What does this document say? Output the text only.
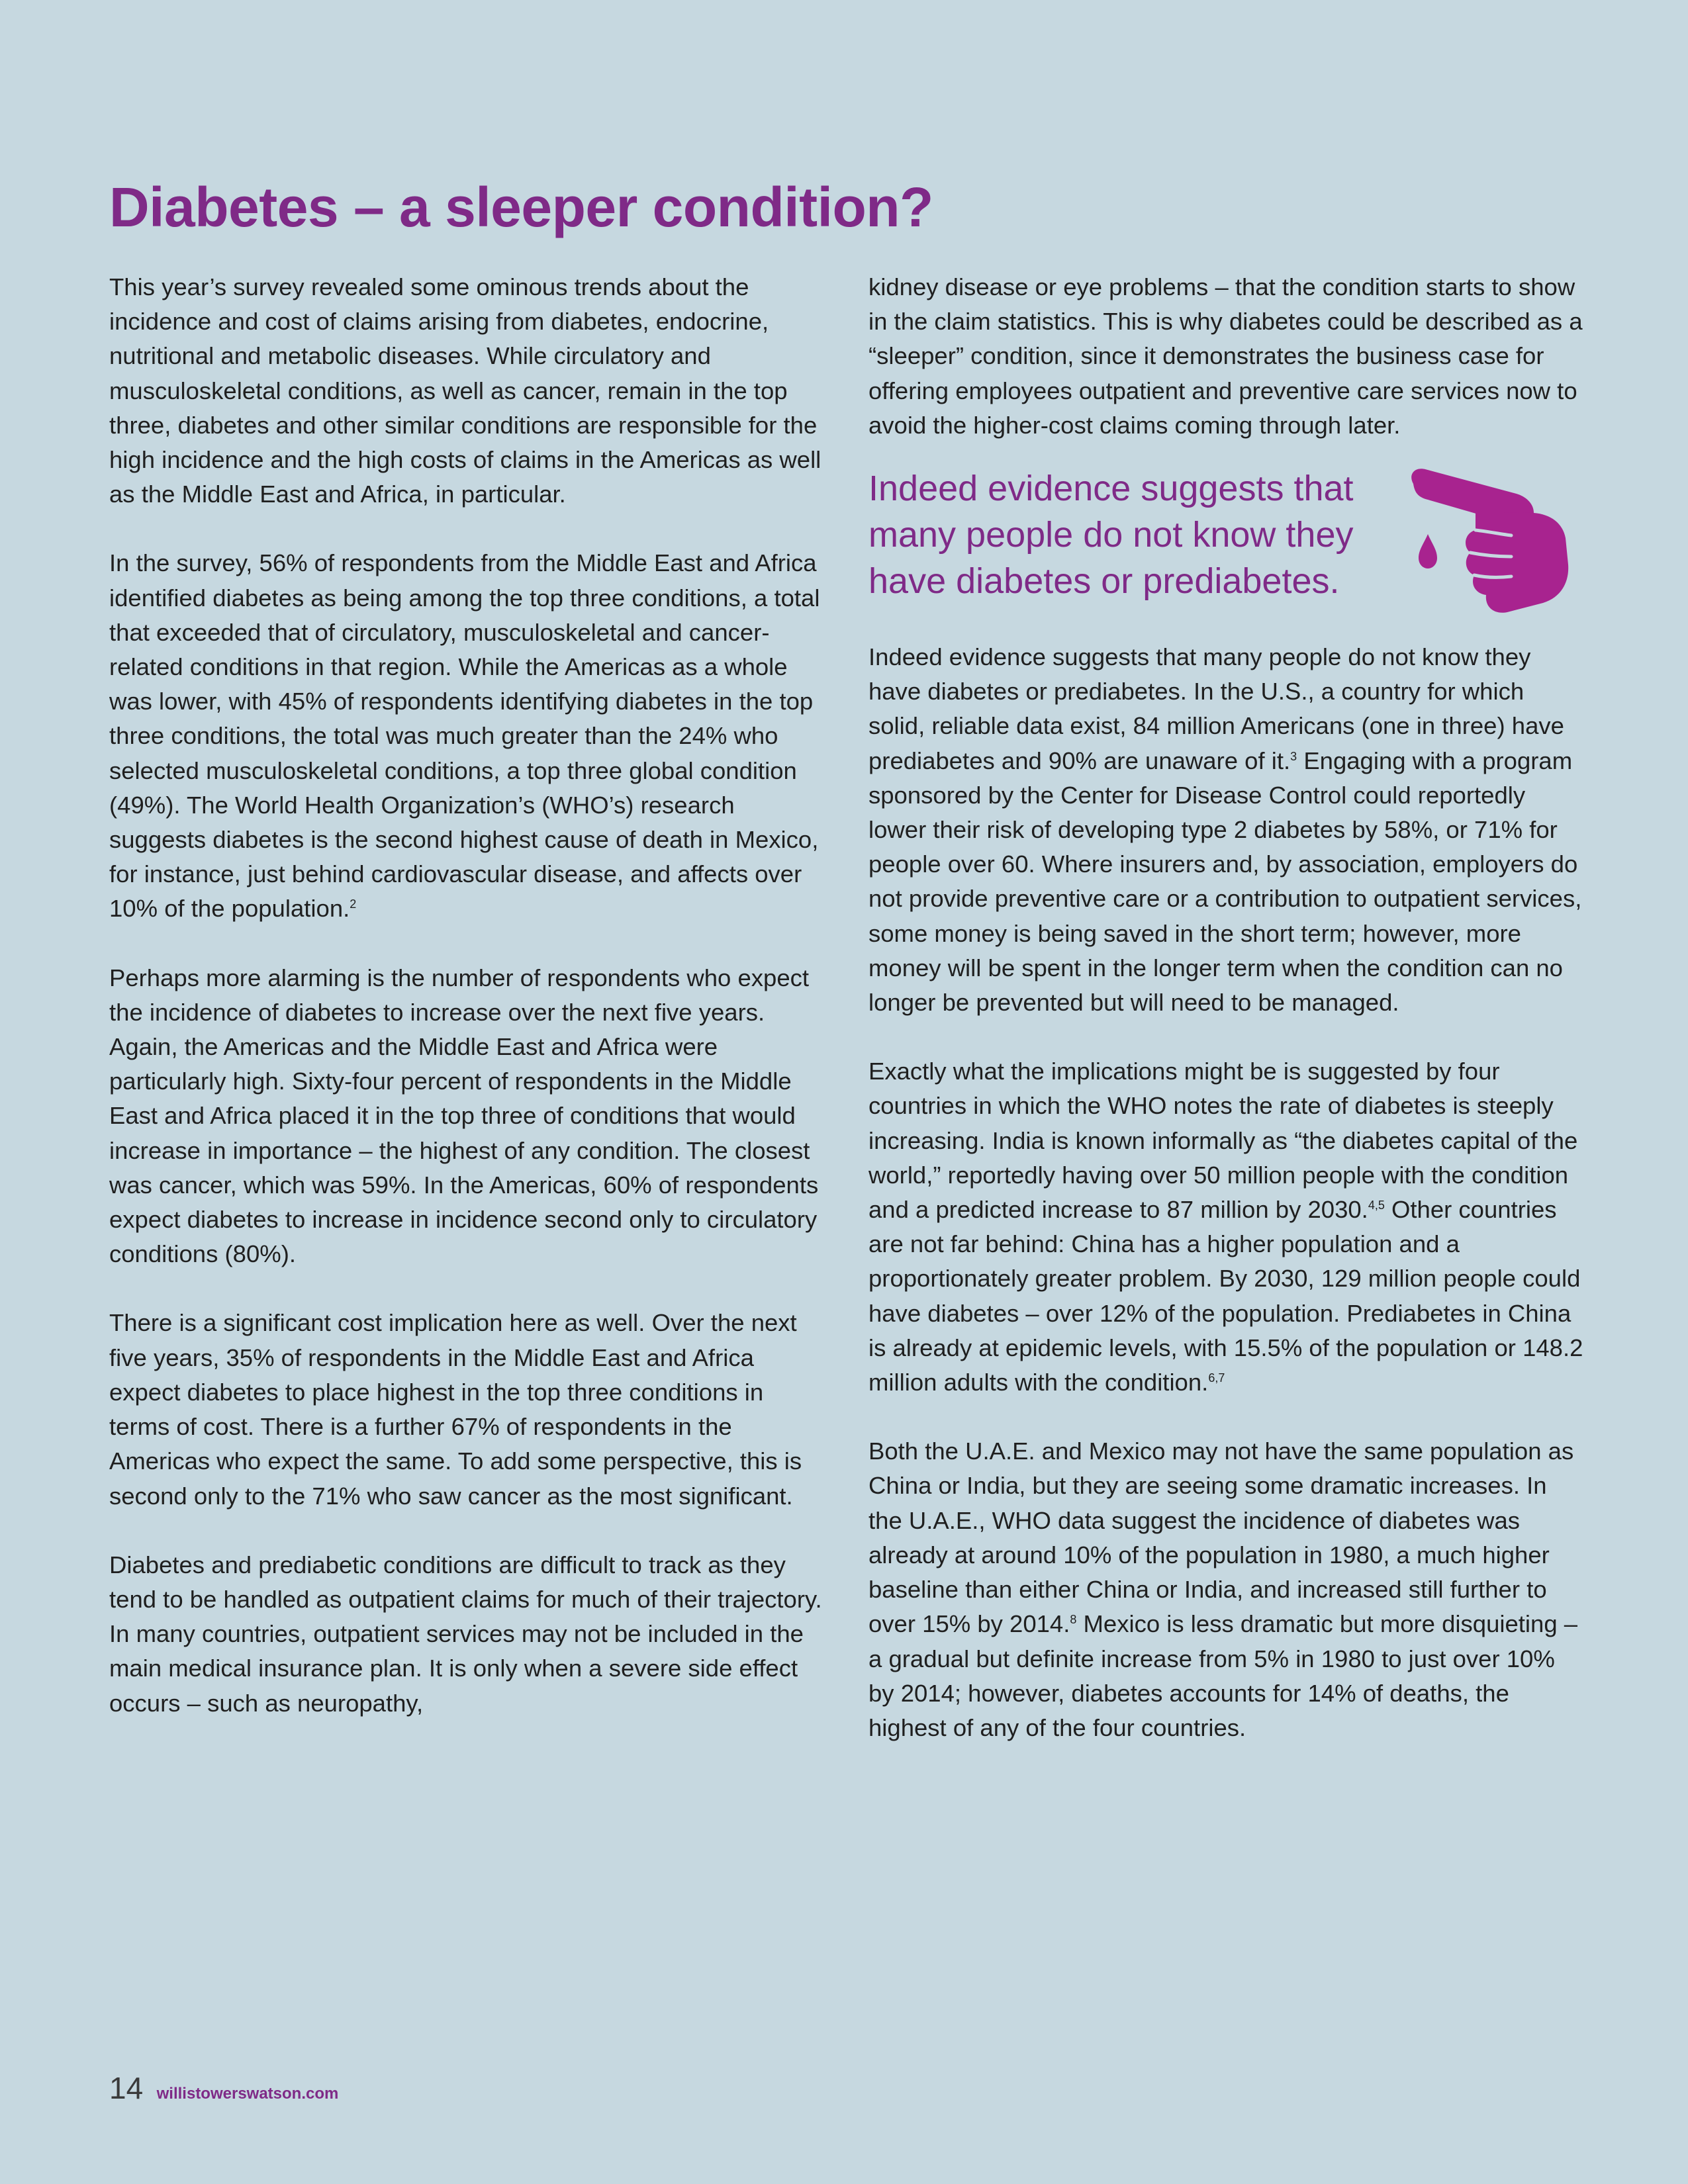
Diabetes – a sleeper condition?

This year’s survey revealed some ominous trends about the incidence and cost of claims arising from diabetes, endocrine, nutritional and metabolic diseases. While circulatory and musculoskeletal conditions, as well as cancer, remain in the top three, diabetes and other similar conditions are responsible for the high incidence and the high costs of claims in the Americas as well as the Middle East and Africa, in particular.

In the survey, 56% of respondents from the Middle East and Africa identified diabetes as being among the top three conditions, a total that exceeded that of circulatory, musculoskeletal and cancer-related conditions in that region. While the Americas as a whole was lower, with 45% of respondents identifying diabetes in the top three conditions, the total was much greater than the 24% who selected musculoskeletal conditions, a top three global condition (49%). The World Health Organization’s (WHO’s) research suggests diabetes is the second highest cause of death in Mexico, for instance, just behind cardiovascular disease, and affects over 10% of the population.$^2$

Perhaps more alarming is the number of respondents who expect the incidence of diabetes to increase over the next five years. Again, the Americas and the Middle East and Africa were particularly high. Sixty-four percent of respondents in the Middle East and Africa placed it in the top three of conditions that would increase in importance – the highest of any condition. The closest was cancer, which was 59%. In the Americas, 60% of respondents expect diabetes to increase in incidence second only to circulatory conditions (80%).

There is a significant cost implication here as well. Over the next five years, 35% of respondents in the Middle East and Africa expect diabetes to place highest in the top three conditions in terms of cost. There is a further 67% of respondents in the Americas who expect the same. To add some perspective, this is second only to the 71% who saw cancer as the most significant.

Diabetes and prediabetic conditions are difficult to track as they tend to be handled as outpatient claims for much of their trajectory. In many countries, outpatient services may not be included in the main medical insurance plan. It is only when a severe side effect occurs – such as neuropathy,

kidney disease or eye problems – that the condition starts to show in the claim statistics. This is why diabetes could be described as a “sleeper” condition, since it demonstrates the business case for offering employees outpatient and preventive care services now to avoid the higher-cost claims coming through later.

Indeed evidence suggests that many people do not know they have diabetes or prediabetes.

Indeed evidence suggests that many people do not know they have diabetes or prediabetes. In the U.S., a country for which solid, reliable data exist, 84 million Americans (one in three) have prediabetes and 90% are unaware of it.$^3$ Engaging with a program sponsored by the Center for Disease Control could reportedly lower their risk of developing type 2 diabetes by 58%, or 71% for people over 60. Where insurers and, by association, employers do not provide preventive care or a contribution to outpatient services, some money is being saved in the short term; however, more money will be spent in the longer term when the condition can no longer be prevented but will need to be managed.

Exactly what the implications might be is suggested by four countries in which the WHO notes the rate of diabetes is steeply increasing. India is known informally as “the diabetes capital of the world,” reportedly having over 50 million people with the condition and a predicted increase to 87 million by 2030.$^{4,5}$ Other countries are not far behind: China has a higher population and a proportionately greater problem. By 2030, 129 million people could have diabetes – over 12% of the population. Prediabetes in China is already at epidemic levels, with 15.5% of the population or 148.2 million adults with the condition.$^{6,7}$

Both the U.A.E. and Mexico may not have the same population as China or India, but they are seeing some dramatic increases. In the U.A.E., WHO data suggest the incidence of diabetes was already at around 10% of the population in 1980, a much higher baseline than either China or India, and increased still further to over 15% by 2014.$^8$ Mexico is less dramatic but more disquieting – a gradual but definite increase from 5% in 1980 to just over 10% by 2014; however, diabetes accounts for 14% of deaths, the highest of any of the four countries.

14 willistowerswatson.com
